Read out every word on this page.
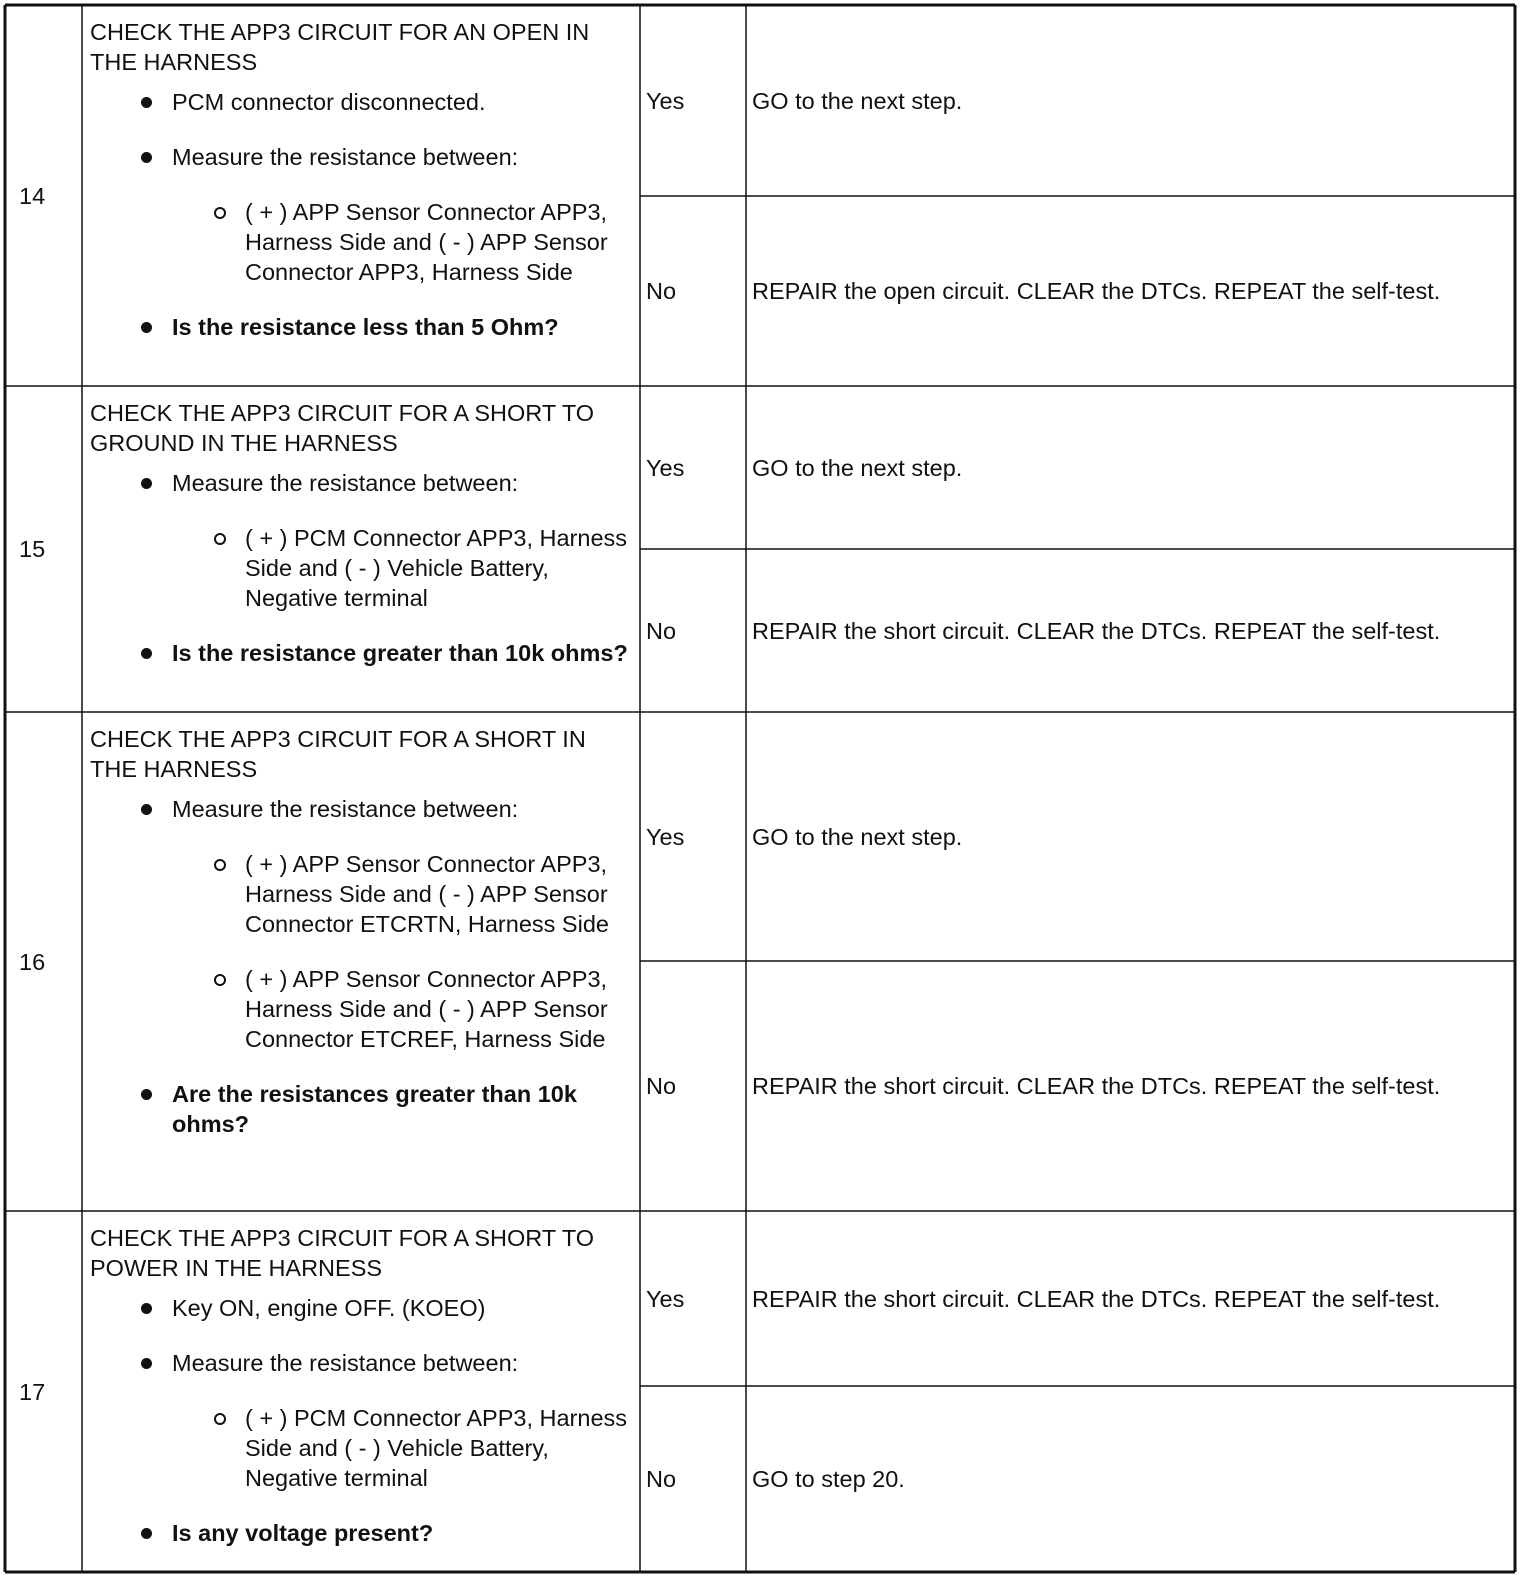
14
CHECK THE APP3 CIRCUIT FOR AN OPEN IN THE HARNESS
PCM connector disconnected.
Measure the resistance between:
( + ) APP Sensor Connector APP3, Harness Side and ( - ) APP Sensor Connector APP3, Harness Side
Is the resistance less than 5 Ohm?
Yes	GO to the next step.
No	REPAIR the open circuit. CLEAR the DTCs. REPEAT the self-test.
15
CHECK THE APP3 CIRCUIT FOR A SHORT TO GROUND IN THE HARNESS
Measure the resistance between:
( + ) PCM Connector APP3, Harness Side and ( - ) Vehicle Battery, Negative terminal
Is the resistance greater than 10k ohms?
Yes	GO to the next step.
No	REPAIR the short circuit. CLEAR the DTCs. REPEAT the self-test.
16
CHECK THE APP3 CIRCUIT FOR A SHORT IN THE HARNESS
Measure the resistance between:
( + ) APP Sensor Connector APP3, Harness Side and ( - ) APP Sensor Connector ETCRTN, Harness Side
( + ) APP Sensor Connector APP3, Harness Side and ( - ) APP Sensor Connector ETCREF, Harness Side
Are the resistances greater than 10k ohms?
Yes	GO to the next step.
No	REPAIR the short circuit. CLEAR the DTCs. REPEAT the self-test.
17
CHECK THE APP3 CIRCUIT FOR A SHORT TO POWER IN THE HARNESS
Key ON, engine OFF. (KOEO)
Measure the resistance between:
( + ) PCM Connector APP3, Harness Side and ( - ) Vehicle Battery, Negative terminal
Is any voltage present?
Yes	REPAIR the short circuit. CLEAR the DTCs. REPEAT the self-test.
No	GO to step 20.
